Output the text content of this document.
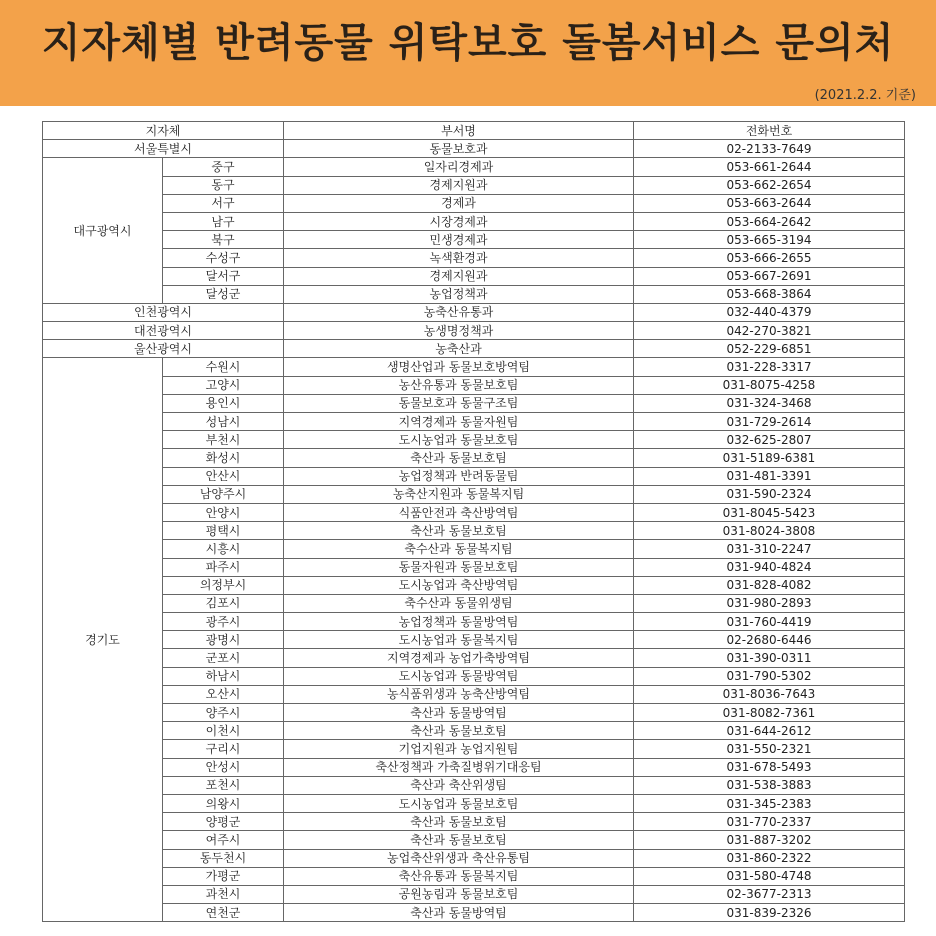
지자체별 반려동물 위탁보호 돌봄서비스 문의처
(2021.2.2. 기준)
지자체		부서명	전화번호
서울특별시		동물보호과	02-2133-7649
대구광역시	중구	일자리경제과	053-661-2644
	동구	경제지원과	053-662-2654
	서구	경제과	053-663-2644
	남구	시장경제과	053-664-2642
	북구	민생경제과	053-665-3194
	수성구	녹색환경과	053-666-2655
	달서구	경제지원과	053-667-2691
	달성군	농업정책과	053-668-3864
인천광역시		농축산유통과	032-440-4379
대전광역시		농생명정책과	042-270-3821
울산광역시		농축산과	052-229-6851
경기도	수원시	생명산업과 동물보호방역팀	031-228-3317
	고양시	농산유통과 동물보호팀	031-8075-4258
	용인시	동물보호과 동물구조팀	031-324-3468
	성남시	지역경제과 동물자원팀	031-729-2614
	부천시	도시농업과 동물보호팀	032-625-2807
	화성시	축산과 동물보호팀	031-5189-6381
	안산시	농업정책과 반려동물팀	031-481-3391
	남양주시	농축산지원과 동물복지팀	031-590-2324
	안양시	식품안전과 축산방역팀	031-8045-5423
	평택시	축산과 동물보호팀	031-8024-3808
	시흥시	축수산과 동물복지팀	031-310-2247
	파주시	동물자원과 동물보호팀	031-940-4824
	의정부시	도시농업과 축산방역팀	031-828-4082
	김포시	축수산과 동물위생팀	031-980-2893
	광주시	농업정책과 동물방역팀	031-760-4419
	광명시	도시농업과 동물복지팀	02-2680-6446
	군포시	지역경제과 농업가축방역팀	031-390-0311
	하남시	도시농업과 동물방역팀	031-790-5302
	오산시	농식품위생과 농축산방역팀	031-8036-7643
	양주시	축산과 동물방역팀	031-8082-7361
	이천시	축산과 동물보호팀	031-644-2612
	구리시	기업지원과 농업지원팀	031-550-2321
	안성시	축산정책과 가축질병위기대응팀	031-678-5493
	포천시	축산과 축산위생팀	031-538-3883
	의왕시	도시농업과 동물보호팀	031-345-2383
	양평군	축산과 동물보호팀	031-770-2337
	여주시	축산과 동물보호팀	031-887-3202
	동두천시	농업축산위생과 축산유통팀	031-860-2322
	가평군	축산유통과 동물복지팀	031-580-4748
	과천시	공원농림과 동물보호팀	02-3677-2313
	연천군	축산과 동물방역팀	031-839-2326
